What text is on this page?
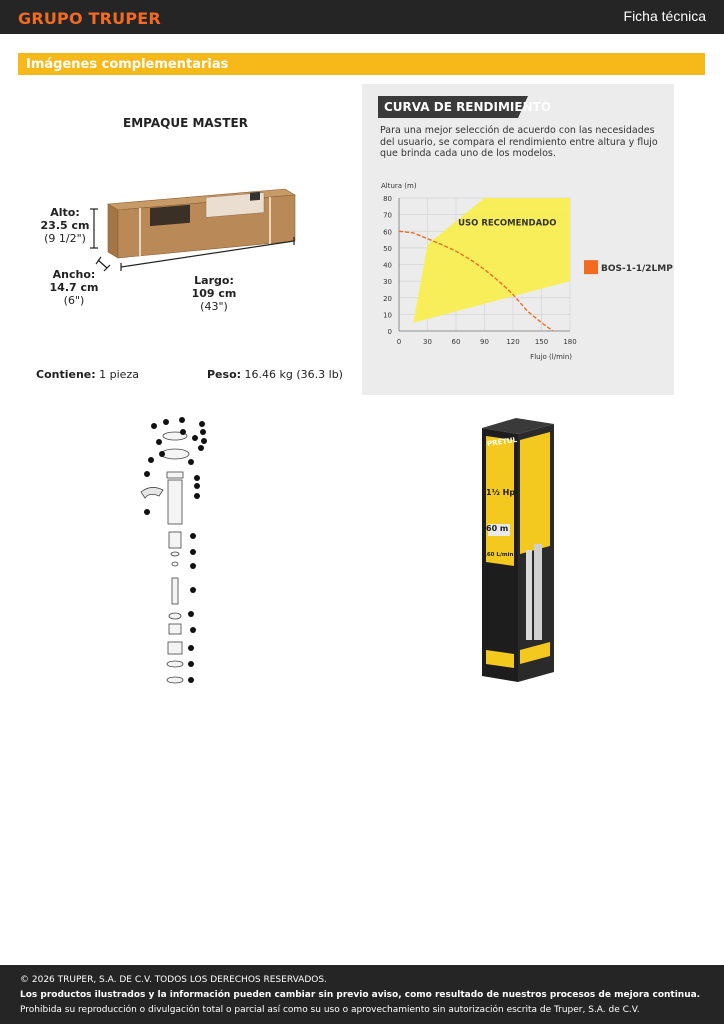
GRUPO TRUPER	Ficha técnica
Imágenes complementarias
EMPAQUE MASTER
Alto:
23.5 cm
(9 1/2")
Ancho:
14.7 cm
(6")
Largo:
109 cm
(43")
Contiene: 1 pieza	Peso: 16.46 kg (36.3 lb)
CURVA DE RENDIMIENTO
Para una mejor selección de acuerdo con las necesidades del usuario, se compara el rendimiento entre altura y flujo que brinda cada uno de los modelos.
0
10
20
30
40
50
60
70
80
0	30	60	90 120 150 180
Altura (m)
Flujo (l/min)
USO RECOMENDADO
BOS-1-1/2LMP
PRETUL
1½ Hp
60 m
160 L/min
© 2026 TRUPER, S.A. DE C.V. TODOS LOS DERECHOS RESERVADOS.
Los productos ilustrados y la información pueden cambiar sin previo aviso, como resultado de nuestros procesos de mejora continua.
Prohibida su reproducción o divulgación total o parcial así como su uso o aprovechamiento sin autorización escrita de Truper, S.A. de C.V.
